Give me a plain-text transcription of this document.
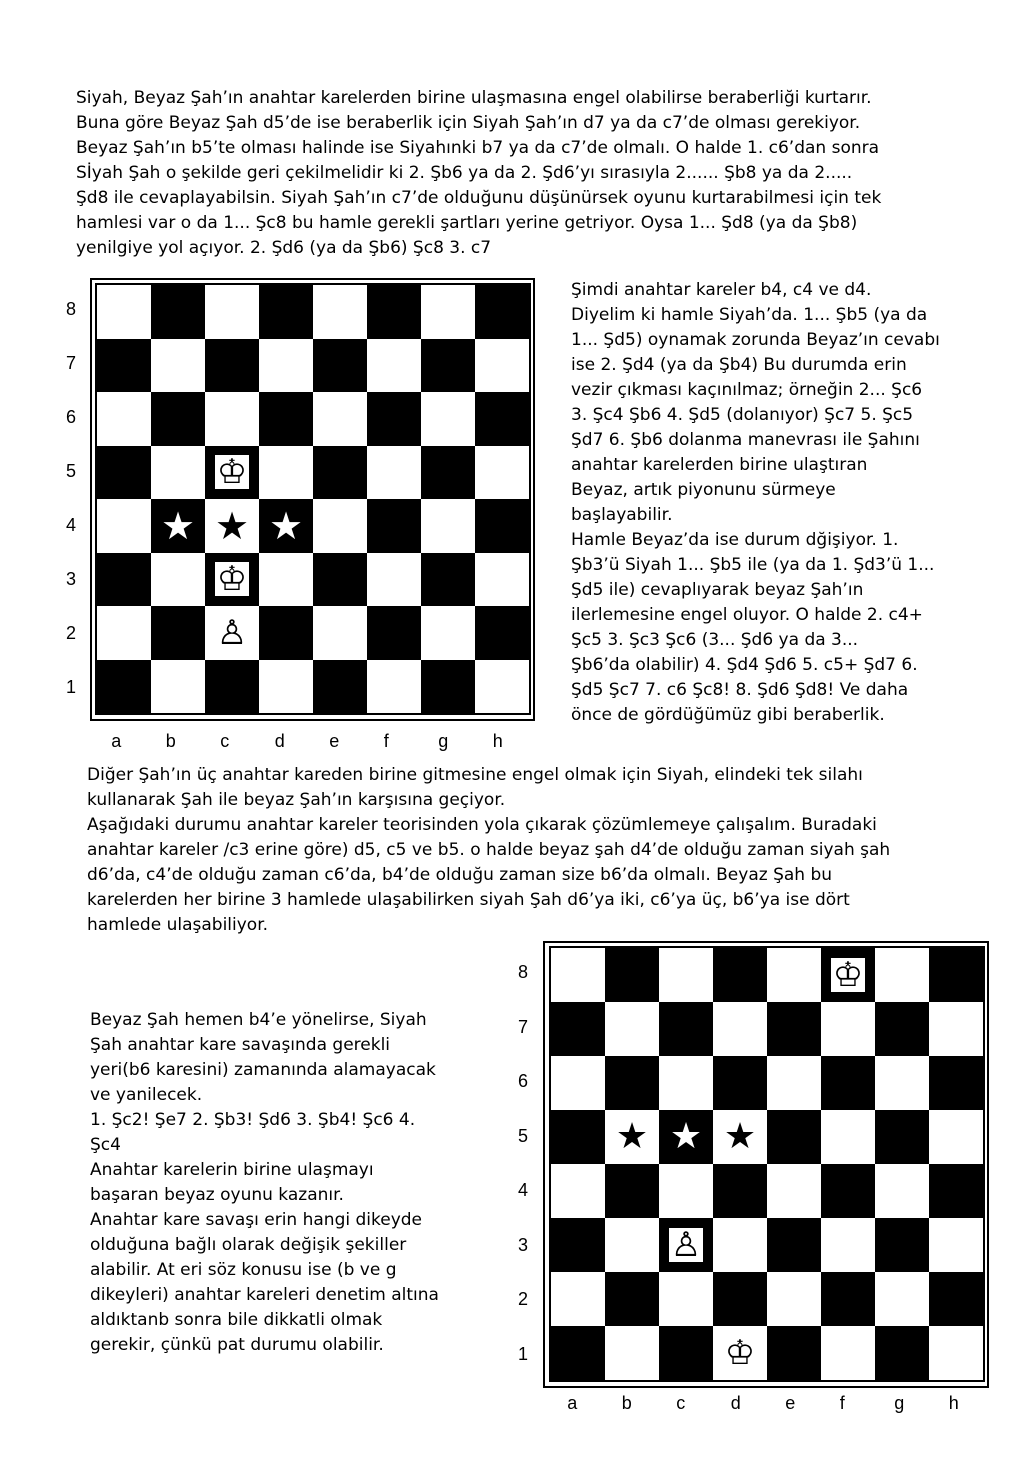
Siyah, Beyaz Şah’ın anahtar karelerden birine ulaşmasına engel olabilirse beraberliği kurtarır.
Buna göre Beyaz Şah d5’de ise beraberlik için Siyah Şah’ın d7 ya da c7’de olması gerekiyor.
Beyaz Şah’ın b5’te olması halinde ise Siyahınki b7 ya da c7’de olmalı. O halde 1. c6’dan sonra
Sİyah Şah o şekilde geri çekilmelidir ki 2. Şb6 ya da 2. Şd6’yı sırasıyla 2...... Şb8 ya da 2.....
Şd8 ile cevaplayabilsin. Siyah Şah’ın c7’de olduğunu düşünürsek oyunu kurtarabilmesi için tek
hamlesi var o da 1... Şc8 bu hamle gerekli şartları yerine getriyor. Oysa 1... Şd8 (ya da Şb8)
yenilgiye yol açıyor. 2. Şd6 (ya da Şb6) Şc8 3. c7

Şimdi anahtar kareler b4, c4 ve d4.
Diyelim ki hamle Siyah’da. 1... Şb5 (ya da
1... Şd5) oynamak zorunda Beyaz’ın cevabı
ise 2. Şd4 (ya da Şb4) Bu durumda erin
vezir çıkması kaçınılmaz; örneğin 2... Şc6
3. Şc4 Şb6 4. Şd5 (dolanıyor) Şc7 5. Şc5
Şd7 6. Şb6 dolanma manevrası ile Şahını
anahtar karelerden birine ulaştıran
Beyaz, artık piyonunu sürmeye
başlayabilir.
Hamle Beyaz’da ise durum dğişiyor. 1.
Şb3’ü Siyah 1... Şb5 ile (ya da 1. Şd3’ü 1...
Şd5 ile) cevaplıyarak beyaz Şah’ın
ilerlemesine engel oluyor. O halde 2. c4+
Şc5 3. Şc3 Şc6 (3... Şd6 ya da 3...
Şb6’da olabilir) 4. Şd4 Şd6 5. c5+ Şd7 6.
Şd5 Şc7 7. c6 Şc8! 8. Şd6 Şd8! Ve daha
önce de gördüğümüz gibi beraberlik.

Diğer Şah’ın üç anahtar kareden birine gitmesine engel olmak için Siyah, elindeki tek silahı
kullanarak Şah ile beyaz Şah’ın karşısına geçiyor.
Aşağıdaki durumu anahtar kareler teorisinden yola çıkarak çözümlemeye çalışalım. Buradaki
anahtar kareler /c3 erine göre) d5, c5 ve b5. o halde beyaz şah d4’de olduğu zaman siyah şah
d6’da, c4’de olduğu zaman c6’da, b4’de olduğu zaman size b6’da olmalı. Beyaz Şah bu
karelerden her birine 3 hamlede ulaşabilirken siyah Şah d6’ya iki, c6’ya üç, b6’ya ise dört
hamlede ulaşabiliyor.

Beyaz Şah hemen b4’e yönelirse, Siyah
Şah anahtar kare savaşında gerekli
yeri(b6 karesini) zamanında alamayacak
ve yanilecek.
1. Şc2! Şe7 2. Şb3! Şd6 3. Şb4! Şc6 4.
Şc4
Anahtar karelerin birine ulaşmayı
başaran beyaz oyunu kazanır.
Anahtar kare savaşı erin hangi dikeyde
olduğuna bağlı olarak değişik şekiller
alabilir. At eri söz konusu ise (b ve g
dikeyleri) anahtar kareleri denetim altına
aldıktanb sonra bile dikkatli olmak
gerekir, çünkü pat durumu olabilir.

♔
★ ★ ★
♔
♙
8
7
6
5
4
3
2
1
a b c	d e f	g h
♔
★ ★ ★
♙
♔
8
7
6
5
4
3
2
1
a b c	d e f	g h
